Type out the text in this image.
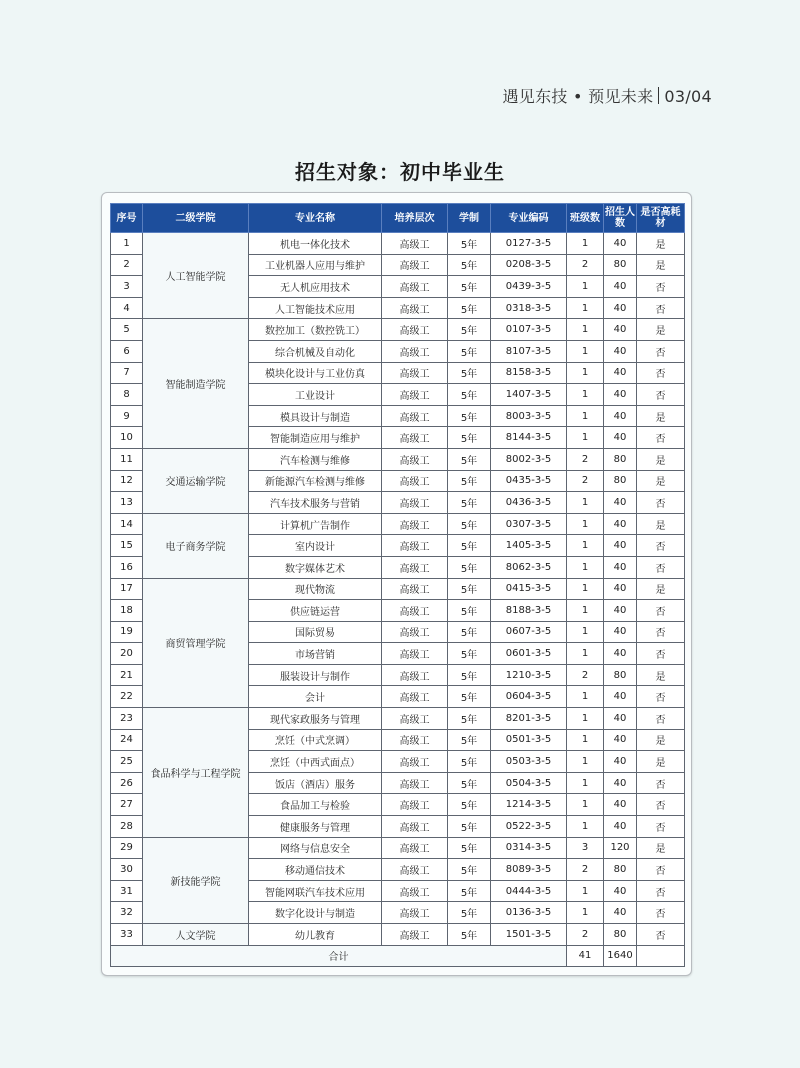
遇见东技 • 预见未来 03/04
招生对象：初中毕业生
序号	二级学院	专业名称	培养层次	学制	专业编码	班级数	招生人数	是否高耗材
1	人工智能学院	机电一体化技术	高级工	5年	0127-3-5	1	40	是
2		工业机器人应用与维护	高级工	5年	0208-3-5	2	80	是
3		无人机应用技术	高级工	5年	0439-3-5	1	40	否
4		人工智能技术应用	高级工	5年	0318-3-5	1	40	否
5	智能制造学院	数控加工（数控铣工）	高级工	5年	0107-3-5	1	40	是
6		综合机械及自动化	高级工	5年	8107-3-5	1	40	否
7		模块化设计与工业仿真	高级工	5年	8158-3-5	1	40	否
8		工业设计	高级工	5年	1407-3-5	1	40	否
9		模具设计与制造	高级工	5年	8003-3-5	1	40	是
10		智能制造应用与维护	高级工	5年	8144-3-5	1	40	否
11	交通运输学院	汽车检测与维修	高级工	5年	8002-3-5	2	80	是
12		新能源汽车检测与维修	高级工	5年	0435-3-5	2	80	是
13		汽车技术服务与营销	高级工	5年	0436-3-5	1	40	否
14	电子商务学院	计算机广告制作	高级工	5年	0307-3-5	1	40	是
15		室内设计	高级工	5年	1405-3-5	1	40	否
16		数字媒体艺术	高级工	5年	8062-3-5	1	40	否
17	商贸管理学院	现代物流	高级工	5年	0415-3-5	1	40	是
18		供应链运营	高级工	5年	8188-3-5	1	40	否
19		国际贸易	高级工	5年	0607-3-5	1	40	否
20		市场营销	高级工	5年	0601-3-5	1	40	否
21		服装设计与制作	高级工	5年	1210-3-5	2	80	是
22		会计	高级工	5年	0604-3-5	1	40	否
23	食品科学与工程学院	现代家政服务与管理	高级工	5年	8201-3-5	1	40	否
24		烹饪（中式烹调）	高级工	5年	0501-3-5	1	40	是
25		烹饪（中西式面点）	高级工	5年	0503-3-5	1	40	是
26		饭店（酒店）服务	高级工	5年	0504-3-5	1	40	否
27		食品加工与检验	高级工	5年	1214-3-5	1	40	否
28		健康服务与管理	高级工	5年	0522-3-5	1	40	否
29	新技能学院	网络与信息安全	高级工	5年	0314-3-5	3	120	是
30		移动通信技术	高级工	5年	8089-3-5	2	80	否
31		智能网联汽车技术应用	高级工	5年	0444-3-5	1	40	否
32		数字化设计与制造	高级工	5年	0136-3-5	1	40	否
33	人文学院	幼儿教育	高级工	5年	1501-3-5	2	80	否
合计						41	1640	
